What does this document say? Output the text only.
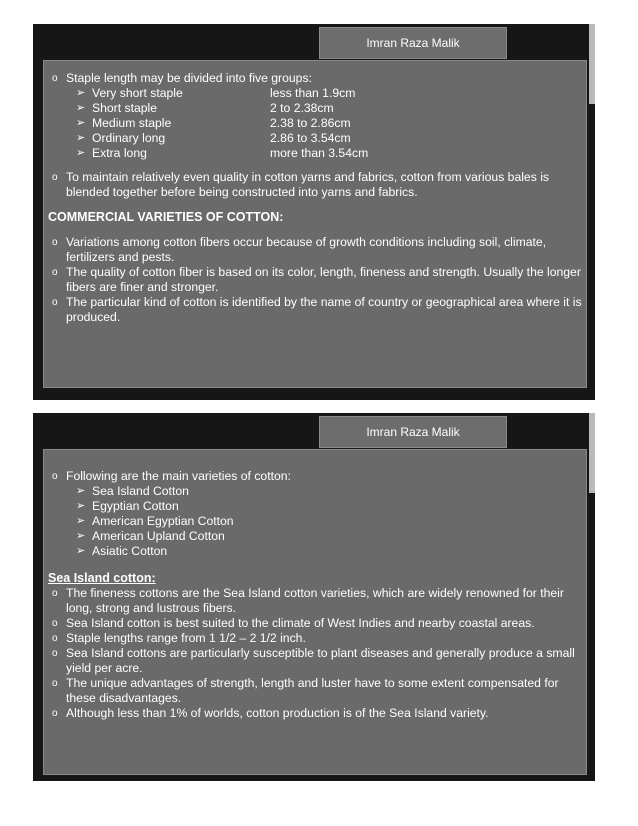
Imran Raza Malik
o Staple length may be divided into five groups:
➢ Very short staple	less than 1.9cm
➢ Short staple	2 to 2.38cm
➢ Medium staple	2.38 to 2.86cm
➢ Ordinary long	2.86 to 3.54cm
➢ Extra long	more than 3.54cm
o To maintain relatively even quality in cotton yarns and fabrics, cotton from various bales is blended together before being constructed into yarns and fabrics.
COMMERCIAL VARIETIES OF COTTON:
o Variations among cotton fibers occur because of growth conditions including soil, climate, fertilizers and pests.
o The quality of cotton fiber is based on its color, length, fineness and strength. Usually the longer fibers are finer and stronger.
o The particular kind of cotton is identified by the name of country or geographical area where it is produced.
Imran Raza Malik
o Following are the main varieties of cotton:
➢ Sea Island Cotton
➢ Egyptian Cotton
➢ American Egyptian Cotton
➢ American Upland Cotton
➢ Asiatic Cotton
Sea Island cotton:
o The fineness cottons are the Sea Island cotton varieties, which are widely renowned for their long, strong and lustrous fibers.
o Sea Island cotton is best suited to the climate of West Indies and nearby coastal areas.
o Staple lengths range from 1 1/2 – 2 1/2 inch.
o Sea Island cottons are particularly susceptible to plant diseases and generally produce a small yield per acre.
o The unique advantages of strength, length and luster have to some extent compensated for these disadvantages.
o Although less than 1% of worlds, cotton production is of the Sea Island variety.
